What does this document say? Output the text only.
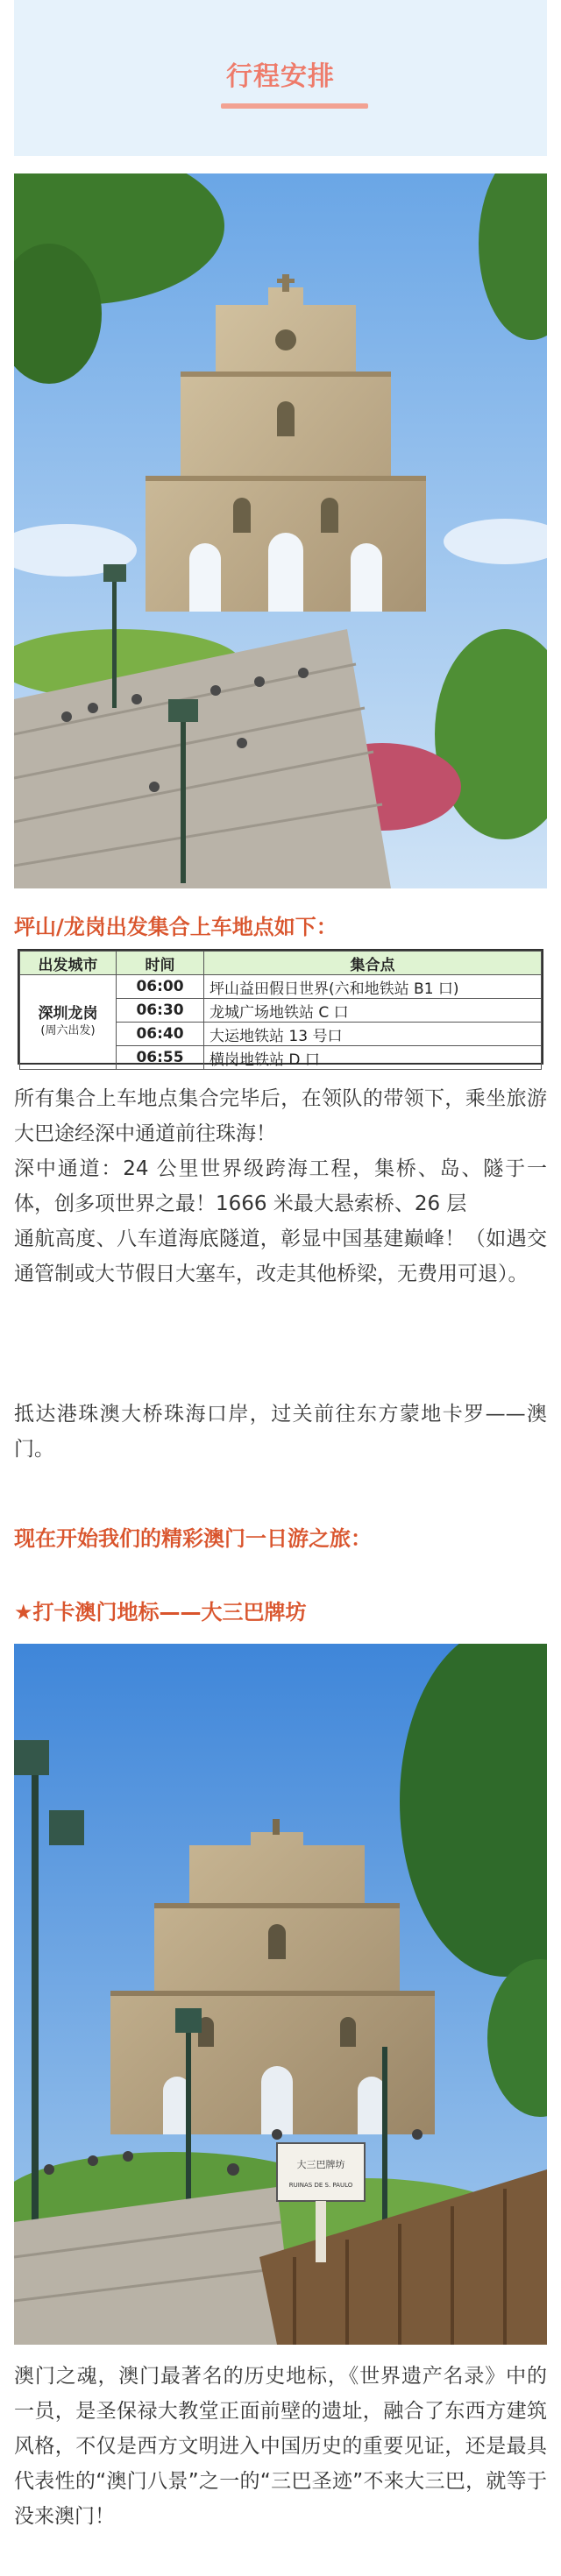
行程安排
坪山/龙岗出发集合上车地点如下：
出发城市	时间	集合点
深圳龙岗
(周六出发)	06:00	坪山益田假日世界(六和地铁站 B1 口)
	06:30	龙城广场地铁站 C 口
	06:40	大运地铁站 13 号口
	06:55	横岗地铁站 D 口

所有集合上车地点集合完毕后，在领队的带领下，乘坐旅游大巴途经深中通道前往珠海！
深中通道：24 公里世界级跨海工程，集桥、岛、隧于一体，创多项世界之最！1666 米最大悬索桥、26 层
通航高度、八车道海底隧道，彰显中国基建巅峰！（如遇交通管制或大节假日大塞车，改走其他桥梁，无费用可退）。

抵达港珠澳大桥珠海口岸，过关前往东方蒙地卡罗——澳门。

现在开始我们的精彩澳门一日游之旅：
★打卡澳门地标——大三巴牌坊
大三巴牌坊
RUINAS DE S. PAULO

澳门之魂，澳门最著名的历史地标，《世界遗产名录》中的一员，是圣保禄大教堂正面前壁的遗址，融合了东西方建筑风格，不仅是西方文明进入中国历史的重要见证，还是最具代表性的“澳门八景”之一的“三巴圣迹”不来大三巴，就等于没来澳门！
